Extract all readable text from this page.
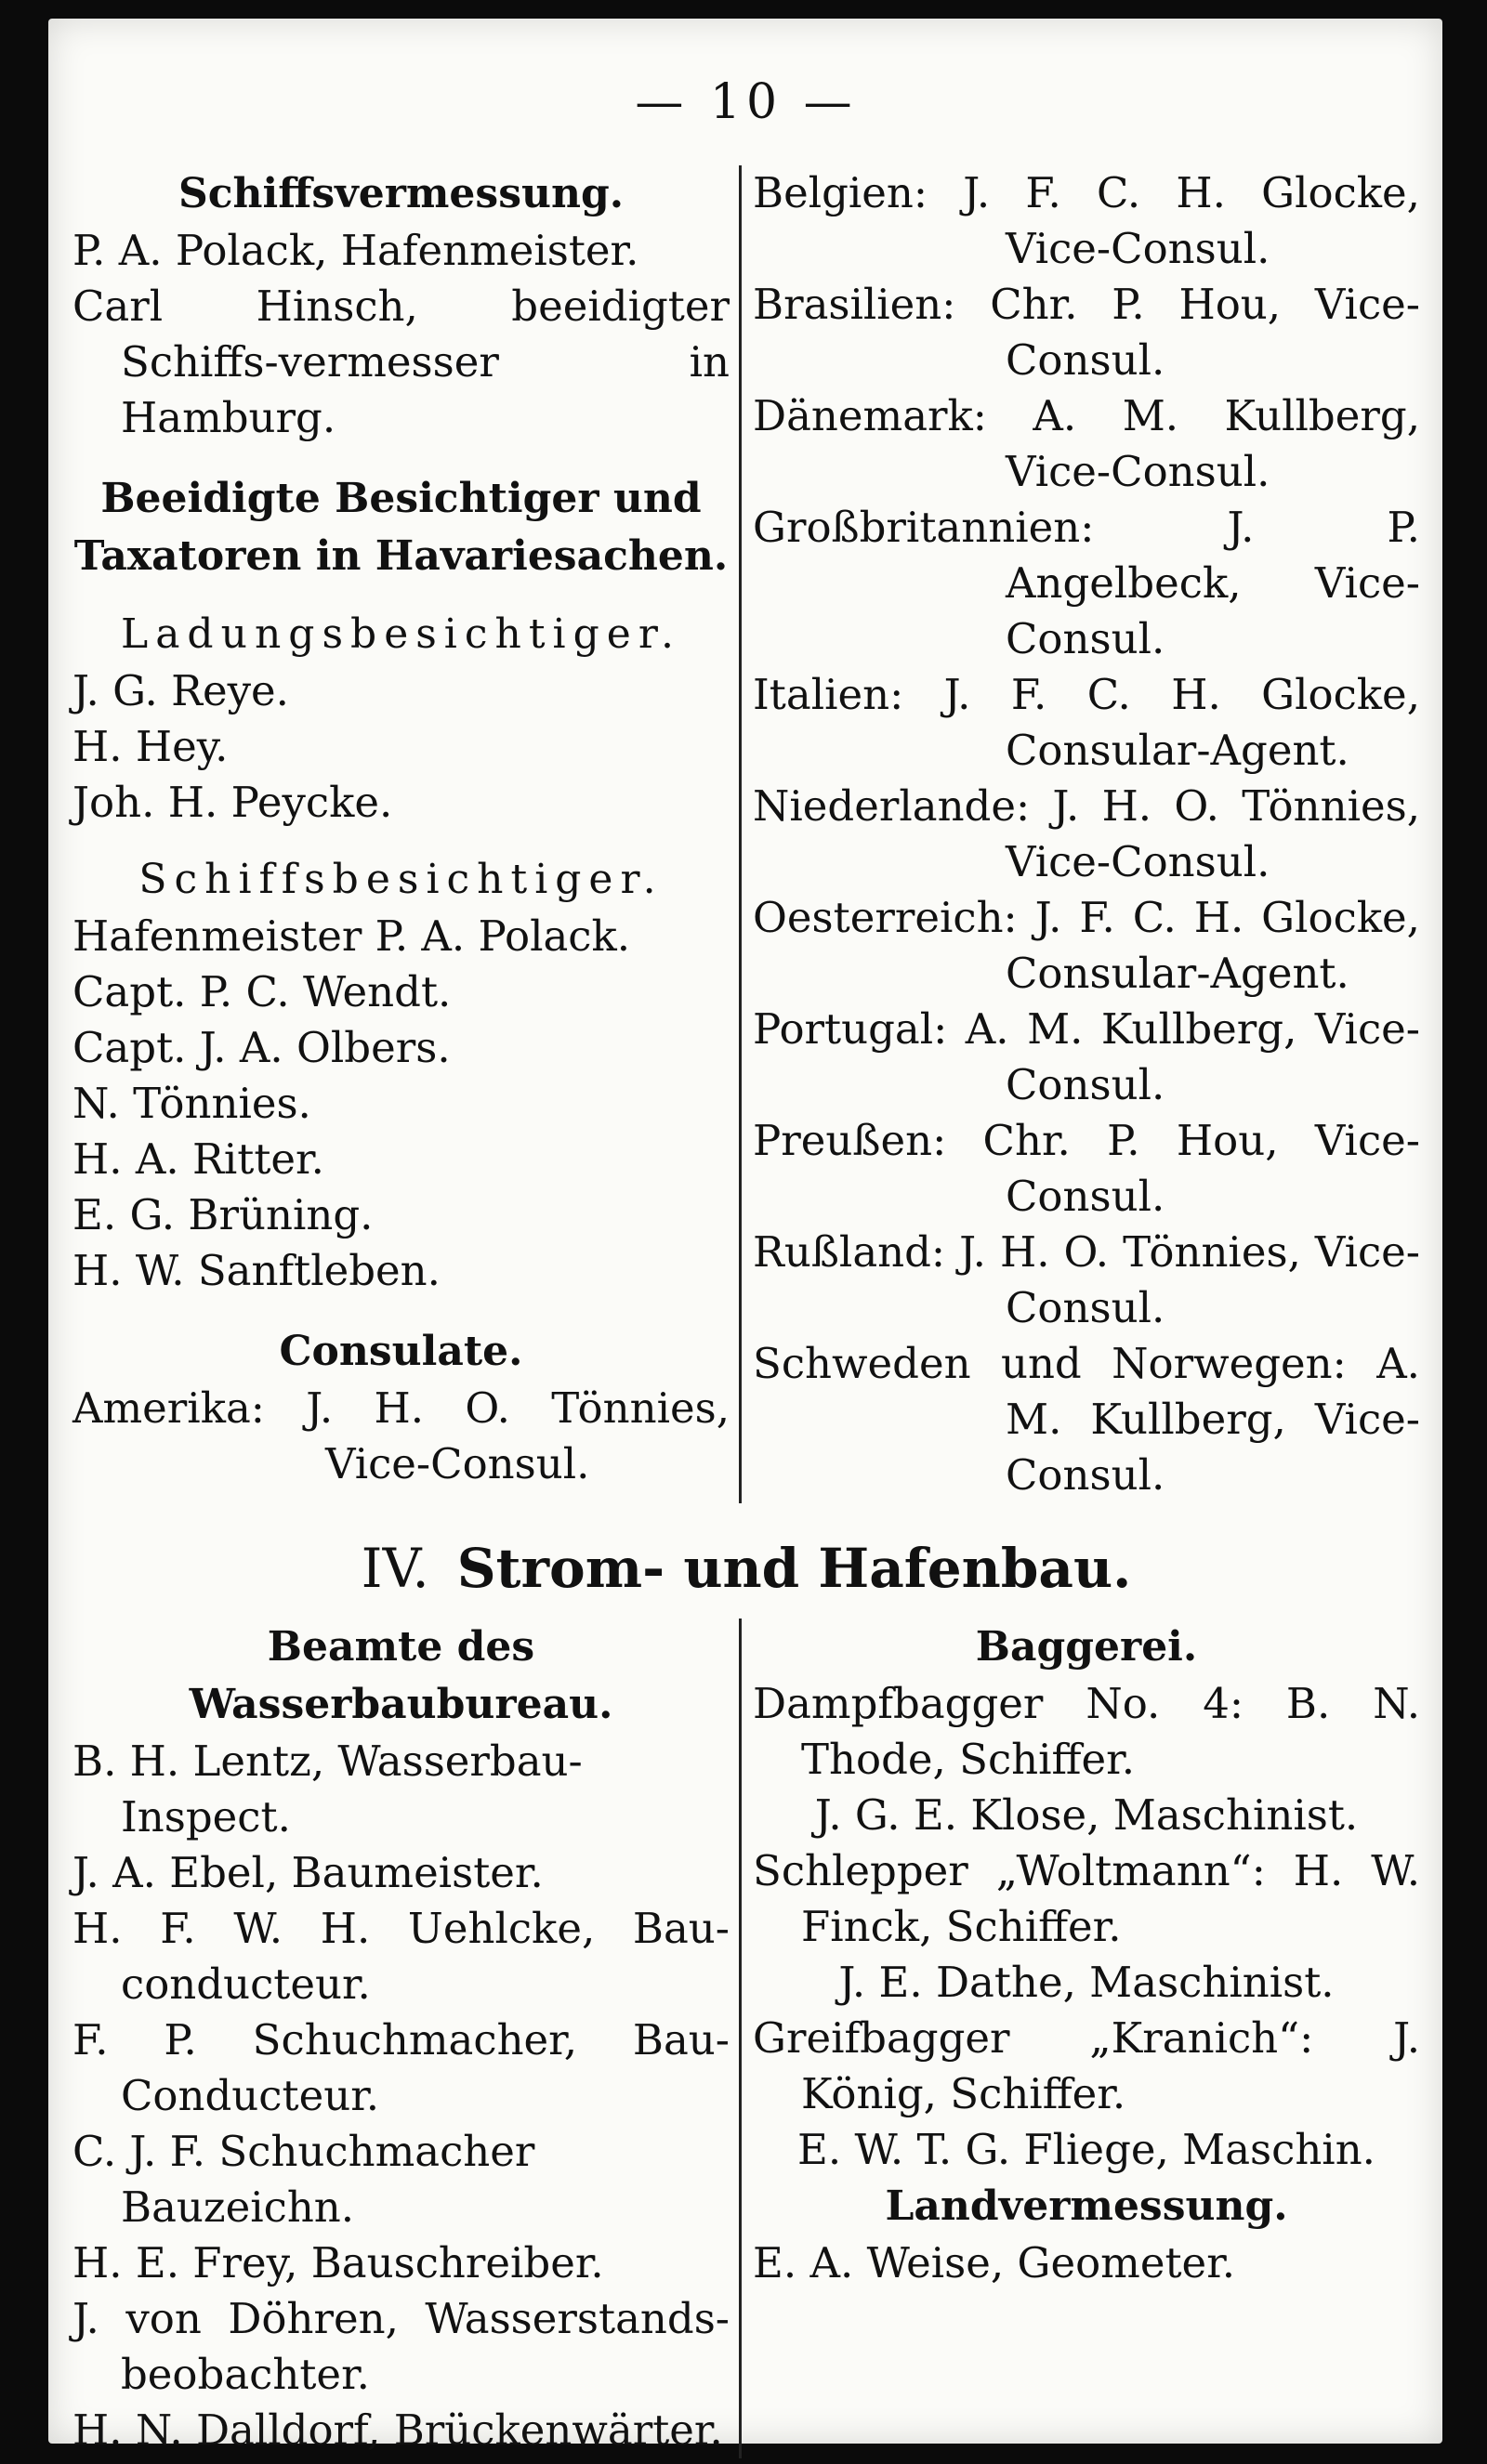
— 10 —

Schiffsvermessung.

P. A. Polack, Hafenmeister.

Carl Hinsch, beeidigter Schiffs-vermesser in Hamburg.

Beeidigte Besichtiger und

Taxatoren in Havariesachen.

Ladungsbesichtiger.

J. G. Reye.

H. Hey.

Joh. H. Peycke.

Schiffsbesichtiger.

Hafenmeister P. A. Polack.

Capt. P. C. Wendt.

Capt. J. A. Olbers.

N. Tönnies.

H. A. Ritter.

E. G. Brüning.

H. W. Sanftleben.

Consulate.

Amerika: J. H. O. Tönnies, Vice-Consul.

Belgien: J. F. C. H. Glocke, Vice-Consul.

Brasilien: Chr. P. Hou, Vice-Consul.

Dänemark: A. M. Kullberg, Vice-Consul.

Großbritannien: J. P. Angelbeck, Vice-Consul.

Italien: J. F. C. H. Glocke, Consular-Agent.

Niederlande: J. H. O. Tönnies, Vice-Consul.

Oesterreich: J. F. C. H. Glocke, Consular-Agent.

Portugal: A. M. Kullberg, Vice-Consul.

Preußen: Chr. P. Hou, Vice-Consul.

Rußland: J. H. O. Tönnies, Vice-Consul.

Schweden und Norwegen: A. M. Kullberg, Vice-Consul.

IV. Strom- und Hafenbau.

Beamte des Wasserbaubureau.

B. H. Lentz, Wasserbau-Inspect.

J. A. Ebel, Baumeister.

H. F. W. H. Uehlcke, Bau-conducteur.

F. P. Schuchmacher, Bau-Conducteur.

C. J. F. Schuchmacher Bauzeichn.

H. E. Frey, Bauschreiber.

J. von Döhren, Wasserstands-beobachter.

H. N. Dalldorf, Brückenwärter.

Baggerei.

Dampfbagger No. 4: B. N. Thode, Schiffer.

J. G. E. Klose, Maschinist.

Schlepper „Woltmann“: H. W. Finck, Schiffer.

J. E. Dathe, Maschinist.

Greifbagger „Kranich“: J. König, Schiffer.

E. W. T. G. Fliege, Maschin.

Landvermessung.

E. A. Weise, Geometer.
